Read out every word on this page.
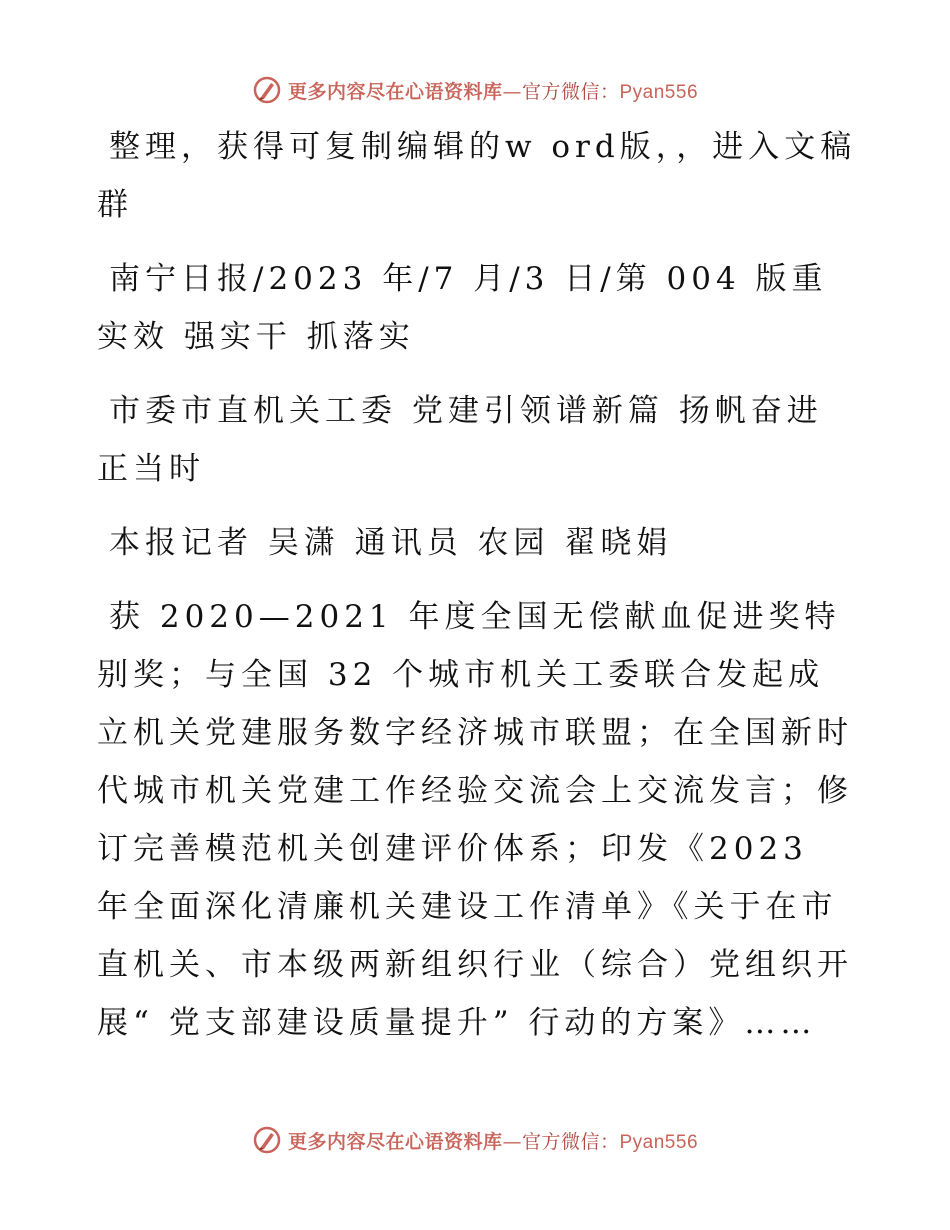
更多内容尽在心语资料库—官方微信：Pyan556

整理，获得可复制编辑的w ord版，，进入文稿群

南宁日报/2023 年/7 月/3 日/第 004 版重实效 强实干 抓落实

市委市直机关工委 党建引领谱新篇 扬帆奋进正当时

本报记者 吴潇 通讯员 农园 翟晓娟

获 2020—2021 年度全国无偿献血促进奖特别奖；与全国 32 个城市机关工委联合发起成立机关党建服务数字经济城市联盟；在全国新时代城市机关党建工作经验交流会上交流发言；修订完善模范机关创建评价体系；印发《2023 年全面深化清廉机关建设工作清单》《关于在市直机关、市本级两新组织行业（综合）党组织开展“ 党支部建设质量提升” 行动的方案》……

更多内容尽在心语资料库—官方微信：Pyan556
